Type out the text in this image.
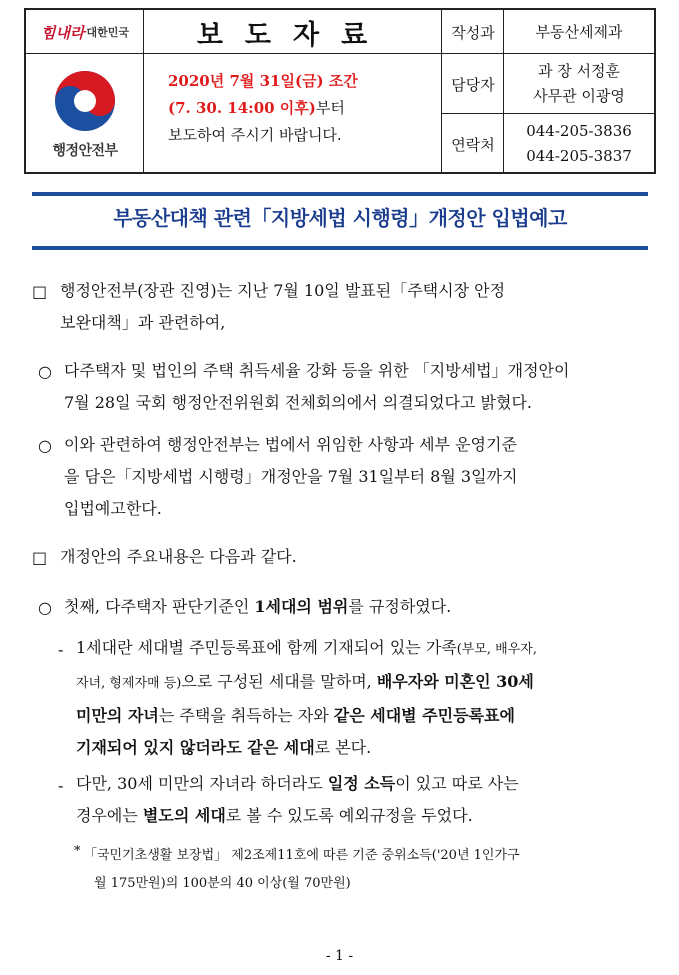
힘내라 대한민국	보도자료
행정안전부
2020년 7월 31일(금) 조간
(7. 30. 14:00 이후)부터
보도하여 주시기 바랍니다.
작성과	부동산세제과
담당자
과 장 서정훈
사무관 이광영
연락처
044-205-3836
044-205-3837
부동산대책 관련「지방세법 시행령」개정안 입법예고
□ 행정안전부(장관 진영)는 지난 7월 10일 발표된「주택시장 안정
보완대책」과 관련하여,
○ 다주택자 및 법인의 주택 취득세율 강화 등을 위한 「지방세법」개정안이
7월 28일 국회 행정안전위원회 전체회의에서 의결되었다고 밝혔다.
○ 이와 관련하여 행정안전부는 법에서 위임한 사항과 세부 운영기준
을 담은「지방세법 시행령」개정안을 7월 31일부터 8월 3일까지
입법예고한다.
□ 개정안의 주요내용은 다음과 같다.
○ 첫째, 다주택자 판단기준인 1세대의 범위를 규정하였다.
- 1세대란 세대별 주민등록표에 함께 기재되어 있는 가족(부모, 배우자,
자녀, 형제자매 등)으로 구성된 세대를 말하며, 배우자와 미혼인 30세
미만의 자녀는 주택을 취득하는 자와 같은 세대별 주민등록표에
기재되어 있지 않더라도 같은 세대로 본다.
- 다만, 30세 미만의 자녀라 하더라도 일정 소득이 있고 따로 사는
경우에는 별도의 세대로 볼 수 있도록 예외규정을 두었다.
* 「국민기초생활 보장법」 제2조제11호에 따른 기준 중위소득('20년 1인가구
월 175만원)의 100분의 40 이상(월 70만원)
- 1 -
